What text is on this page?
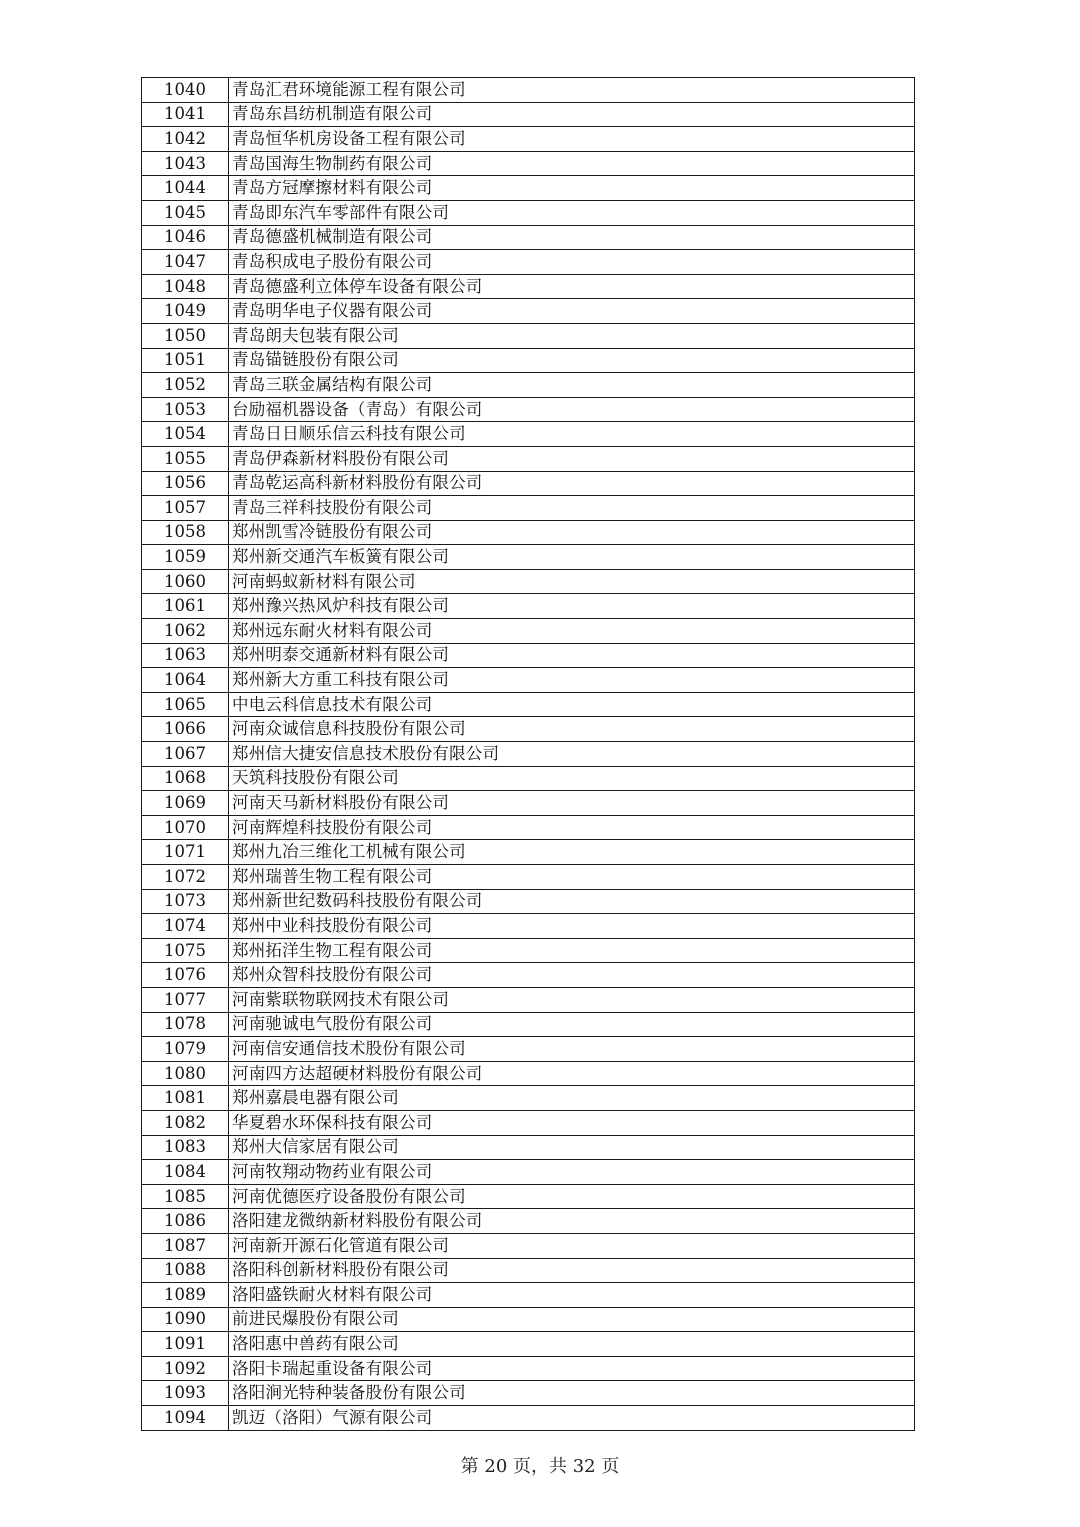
1040	青岛汇君环境能源工程有限公司
1041	青岛东昌纺机制造有限公司
1042	青岛恒华机房设备工程有限公司
1043	青岛国海生物制药有限公司
1044	青岛方冠摩擦材料有限公司
1045	青岛即东汽车零部件有限公司
1046	青岛德盛机械制造有限公司
1047	青岛积成电子股份有限公司
1048	青岛德盛利立体停车设备有限公司
1049	青岛明华电子仪器有限公司
1050	青岛朗夫包装有限公司
1051	青岛锚链股份有限公司
1052	青岛三联金属结构有限公司
1053	台励福机器设备（青岛）有限公司
1054	青岛日日顺乐信云科技有限公司
1055	青岛伊森新材料股份有限公司
1056	青岛乾运高科新材料股份有限公司
1057	青岛三祥科技股份有限公司
1058	郑州凯雪冷链股份有限公司
1059	郑州新交通汽车板簧有限公司
1060	河南蚂蚁新材料有限公司
1061	郑州豫兴热风炉科技有限公司
1062	郑州远东耐火材料有限公司
1063	郑州明泰交通新材料有限公司
1064	郑州新大方重工科技有限公司
1065	中电云科信息技术有限公司
1066	河南众诚信息科技股份有限公司
1067	郑州信大捷安信息技术股份有限公司
1068	天筑科技股份有限公司
1069	河南天马新材料股份有限公司
1070	河南辉煌科技股份有限公司
1071	郑州九冶三维化工机械有限公司
1072	郑州瑞普生物工程有限公司
1073	郑州新世纪数码科技股份有限公司
1074	郑州中业科技股份有限公司
1075	郑州拓洋生物工程有限公司
1076	郑州众智科技股份有限公司
1077	河南紫联物联网技术有限公司
1078	河南驰诚电气股份有限公司
1079	河南信安通信技术股份有限公司
1080	河南四方达超硬材料股份有限公司
1081	郑州嘉晨电器有限公司
1082	华夏碧水环保科技有限公司
1083	郑州大信家居有限公司
1084	河南牧翔动物药业有限公司
1085	河南优德医疗设备股份有限公司
1086	洛阳建龙微纳新材料股份有限公司
1087	河南新开源石化管道有限公司
1088	洛阳科创新材料股份有限公司
1089	洛阳盛铁耐火材料有限公司
1090	前进民爆股份有限公司
1091	洛阳惠中兽药有限公司
1092	洛阳卡瑞起重设备有限公司
1093	洛阳涧光特种装备股份有限公司
1094	凯迈（洛阳）气源有限公司
第 20 页，共 32 页
